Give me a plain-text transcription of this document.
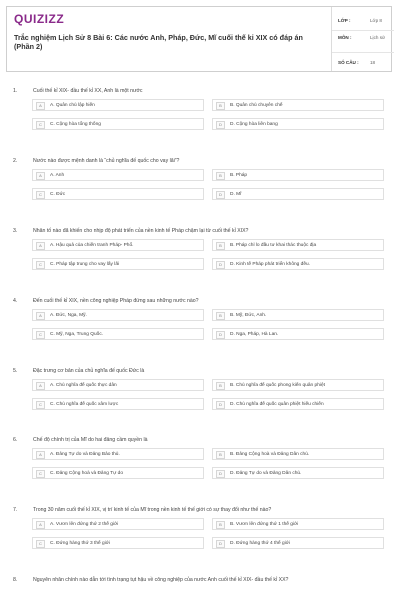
QUIZIZZ
Trắc nghiệm Lịch Sử 8 Bài 6: Các nước Anh, Pháp, Đức, Mĩ cuối thế kỉ XIX có đáp án (Phần 2)
LỚP :	Lớp 8
MÔN :	Lịch sử
SỐ CÂU :	18
1.	Cuối thế kỉ XIX- đầu thế kỉ XX, Anh là một nước
A	A. Quân chủ lập hiến	B	B. Quân chủ chuyên chế
C	C. Cộng hòa tổng thống	D	D. Cộng hòa liên bang
2.	Nước nào được mệnh danh là “chủ nghĩa đế quốc cho vay lãi”?
A	A. Anh	B	B. Pháp
C	C. Đức	D	D. Mĩ
3.	Nhân tố nào đã khiến cho nhịp độ phát triển của nền kinh tế Pháp chậm lại từ cuối thế kỉ XIX?
A	A. Hậu quả của chiến tranh Pháp- Phổ.	B	B. Pháp chỉ lo đầu tư khai thác thuộc địa
C	C. Pháp tập trung cho vay lấy lãi	D	D. Kinh tế Pháp phát triển không đều.
4.	Đến cuối thế kỉ XIX, nền công nghiệp Pháp đứng sau những nước nào?
A	A. Đức, Nga, Mỹ.	B	B. Mỹ, Đức, Anh.
C	C. Mỹ, Nga, Trung Quốc.	D	D. Nga, Pháp, Hà Lan.
5.	Đặc trưng cơ bản của chủ nghĩa đế quốc Đức là
A	A. Chủ nghĩa đế quốc thực dân	B	B. Chủ nghĩa đế quốc phong kiến quân phiệt
C	C. Chủ nghĩa đế quốc xâm lược	D	D. Chủ nghĩa đế quốc quân phiệt hiếu chiến
6.	Chế độ chính trị của Mĩ do hai đảng cầm quyền là
A	A. Đảng Tự do và Đảng Bảo thủ.	B	B. Đảng Cộng hoà và Đảng Dân chủ.
C	C. Đảng Cộng hoà và Đảng Tự do	D	D. Đảng Tự do và Đảng Dân chủ.
7.	Trong 30 năm cuối thế kỉ XIX, vị trí kinh tế của Mĩ trong nền kinh tế thế giới có sự thay đổi như thế nào?
A	A. Vươn lên đứng thứ 2 thế giới	B	B. Vươn lên đứng thứ 1 thế giới
C	C. Đứng hàng thứ 3 thế giới	D	D. Đứng hàng thứ 4 thế giới
8.	Nguyên nhân chính nào dẫn tới tình trạng tụt hậu về công nghiệp của nước Anh cuối thế kỉ XIX- đầu thế kỉ XX?
